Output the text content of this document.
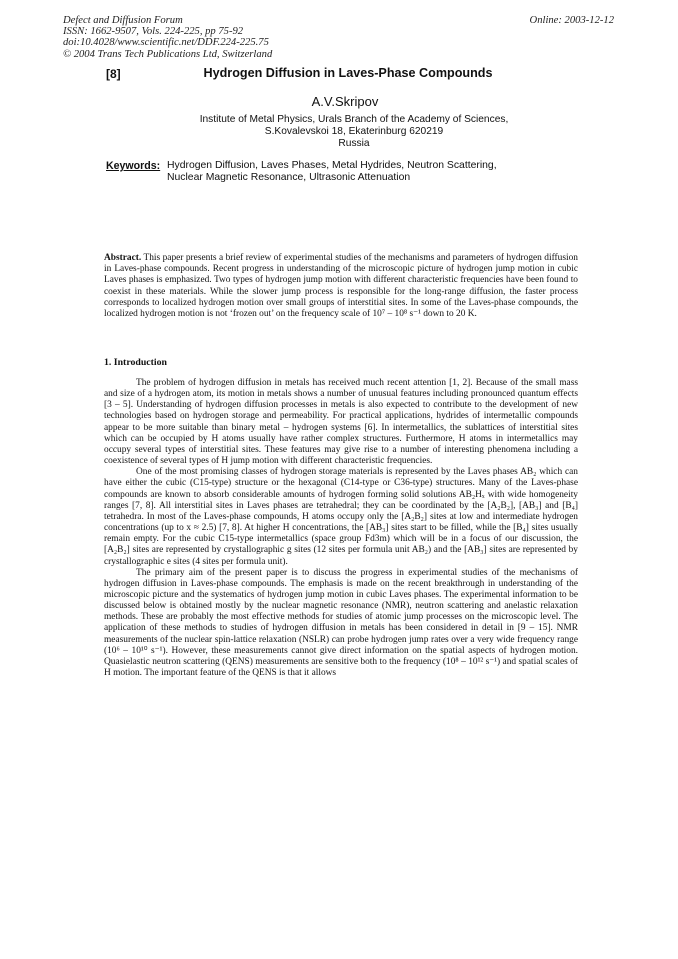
Defect and Diffusion Forum
ISSN: 1662-9507, Vols. 224-225, pp 75-92
doi:10.4028/www.scientific.net/DDF.224-225.75
© 2004 Trans Tech Publications Ltd, Switzerland
Online: 2003-12-12
[8]	Hydrogen Diffusion in Laves-Phase Compounds
A.V.Skripov
Institute of Metal Physics, Urals Branch of the Academy of Sciences,
S.Kovalevskoi 18, Ekaterinburg 620219
Russia
Keywords: Hydrogen Diffusion, Laves Phases, Metal Hydrides, Neutron Scattering,
Nuclear Magnetic Resonance, Ultrasonic Attenuation
Abstract. This paper presents a brief review of experimental studies of the mechanisms and parameters of hydrogen diffusion in Laves-phase compounds. Recent progress in understanding of the microscopic picture of hydrogen jump motion in cubic Laves phases is emphasized. Two types of hydrogen jump motion with different characteristic frequencies have been found to coexist in these materials. While the slower jump process is responsible for the long-range diffusion, the faster process corresponds to localized hydrogen motion over small groups of interstitial sites. In some of the Laves-phase compounds, the localized hydrogen motion is not ‘frozen out’ on the frequency scale of 10⁷ – 10⁸ s⁻¹ down to 20 K.
1. Introduction

The problem of hydrogen diffusion in metals has received much recent attention [1, 2]. Because of the small mass and size of a hydrogen atom, its motion in metals shows a number of unusual features including pronounced quantum effects [3 – 5]. Understanding of hydrogen diffusion processes in metals is also expected to contribute to the development of new technologies based on hydrogen storage and permeability. For practical applications, hydrides of intermetallic compounds appear to be more suitable than binary metal – hydrogen systems [6]. In intermetallics, the sublattices of interstitial sites which can be occupied by H atoms usually have rather complex structures. Furthermore, H atoms in intermetallics may occupy several types of interstitial sites. These features may give rise to a number of interesting phenomena including a coexistence of several types of H jump motion with different characteristic frequencies.

One of the most promising classes of hydrogen storage materials is represented by the Laves phases AB₂ which can have either the cubic (C15-type) structure or the hexagonal (C14-type or C36-type) structures. Many of the Laves-phase compounds are known to absorb considerable amounts of hydrogen forming solid solutions AB₂Hₓ with wide homogeneity ranges [7, 8]. All interstitial sites in Laves phases are tetrahedral; they can be coordinated by the [A₂B₂], [AB₃] and [B₄] tetrahedra. In most of the Laves-phase compounds, H atoms occupy only the [A₂B₂] sites at low and intermediate hydrogen concentrations (up to x ≈ 2.5) [7, 8]. At higher H concentrations, the [AB₃] sites start to be filled, while the [B₄] sites usually remain empty. For the cubic C15-type intermetallics (space group Fd3m) which will be in a focus of our discussion, the [A₂B₂] sites are represented by crystallographic g sites (12 sites per formula unit AB₂) and the [AB₃] sites are represented by crystallographic e sites (4 sites per formula unit).

The primary aim of the present paper is to discuss the progress in experimental studies of the mechanisms of hydrogen diffusion in Laves-phase compounds. The emphasis is made on the recent breakthrough in understanding of the microscopic picture and the systematics of hydrogen jump motion in cubic Laves phases. The experimental information to be discussed below is obtained mostly by the nuclear magnetic resonance (NMR), neutron scattering and anelastic relaxation methods. These are probably the most effective methods for studies of atomic jump processes on the microscopic level. The application of these methods to studies of hydrogen diffusion in metals has been considered in detail in [9 – 15]. NMR measurements of the nuclear spin-lattice relaxation (NSLR) can probe hydrogen jump rates over a very wide frequency range (10⁶ – 10¹⁰ s⁻¹). However, these measurements cannot give direct information on the spatial aspects of hydrogen motion. Quasielastic neutron scattering (QENS) measurements are sensitive both to the frequency (10⁸ – 10¹² s⁻¹) and spatial scales of H motion. The important feature of the QENS is that it allows
